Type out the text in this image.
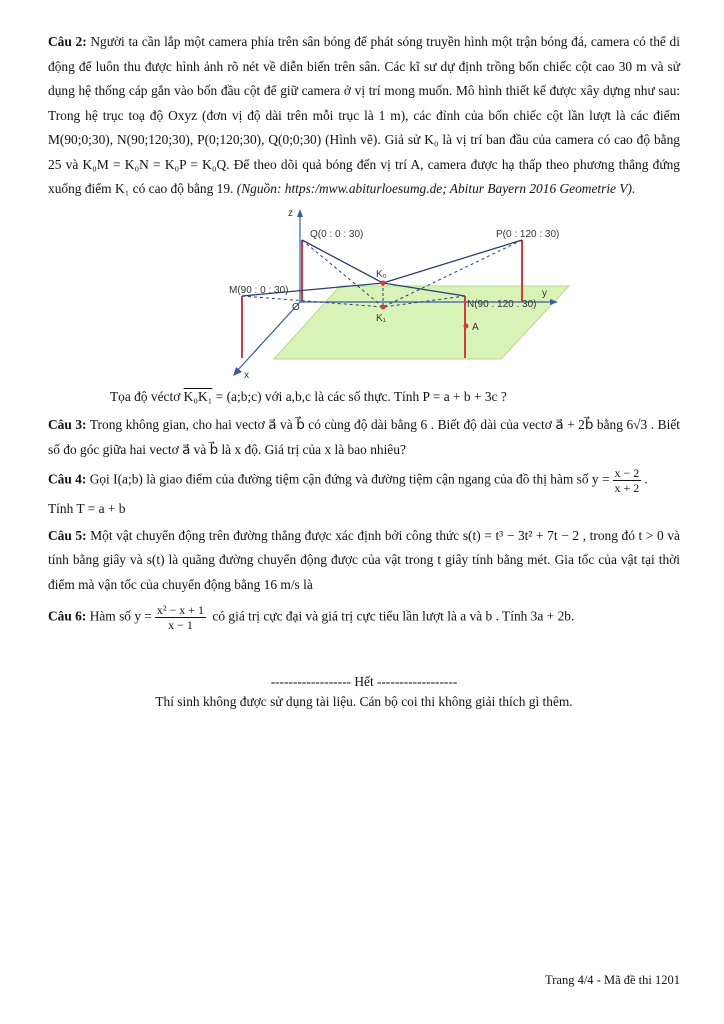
Câu 2: Người ta cần lắp một camera phía trên sân bóng để phát sóng truyền hình một trận bóng đá, camera có thể di động để luôn thu được hình ảnh rõ nét về diễn biến trên sân. Các kĩ sư dự định trồng bốn chiếc cột cao 30 m và sử dụng hệ thống cáp gắn vào bốn đầu cột để giữ camera ở vị trí mong muốn. Mô hình thiết kế được xây dựng như sau: Trong hệ trục toạ độ Oxyz (đơn vị độ dài trên mỗi trục là 1 m), các đỉnh của bốn chiếc cột lần lượt là các điểm M(90;0;30), N(90;120;30), P(0;120;30), Q(0;0;30) (Hình vẽ). Giả sử K₀ là vị trí ban đầu của camera có cao độ bằng 25 và K₀M = K₀N = K₀P = K₀Q. Để theo dõi quả bóng đến vị trí A, camera được hạ thấp theo phương thẳng đứng xuống điểm K₁ có cao độ bằng 19. (Nguồn: https:/mww.abiturloesumg.de; Abitur Bayern 2016 Geometrie V).

Q(0 : 0 : 30)	P(0 : 120 : 30)
M(90 : 0 : 30)
N(90 : 120 : 30)
K₀
K₁
A
O
x
y
z

Tọa độ véctơ K₀K₁ = (a;b;c) với a,b,c là các số thực. Tính P = a + b + 3c ?

Câu 3: Trong không gian, cho hai vectơ a⃗ và b⃗ có cùng độ dài bằng 6 . Biết độ dài của vectơ a⃗ + 2b⃗ bằng 6√3 . Biết số đo góc giữa hai vectơ a⃗ và b⃗ là x độ. Giá trị của x là bao nhiêu?

Câu 4: Gọi I(a;b) là giao điểm của đường tiệm cận đứng và đường tiệm cận ngang của đồ thị hàm số $y = \frac{x - 2}{x + 2}$ .

Tính T = a + b

Câu 5: Một vật chuyển động trên đường thẳng được xác định bởi công thức s(t) = t³ − 3t² + 7t − 2 , trong đó t > 0 và tính bằng giây và s(t) là quãng đường chuyển động được của vật trong t giây tính bằng mét. Gia tốc của vật tại thời điểm mà vận tốc của chuyển động bằng 16 m/s là

Câu 6: Hàm số $y = \frac{\text{x² − x + 1}}{x - 1}$ có giá trị cực đại và giá trị cực tiểu lần lượt là a và b . Tính 3a + 2b.

------------------ Hết ------------------
Thí sinh không được sử dụng tài liệu. Cán bộ coi thi không giải thích gì thêm.
Trang 4/4 - Mã đề thi 1201
